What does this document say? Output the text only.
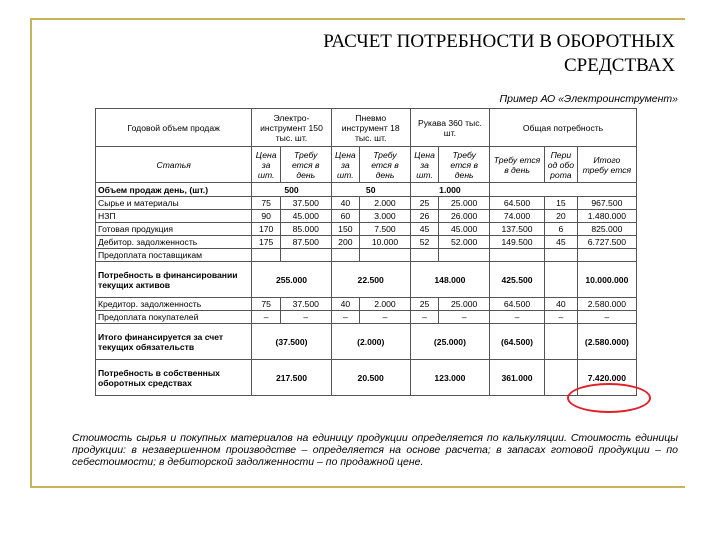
РАСЧЕТ ПОТРЕБНОСТИ В ОБОРОТНЫХ СРЕДСТВАХ
Пример АО «Электроинструмент»
Годовой объем продаж	Электро-инструмент 150 тыс. шт.		Пневмо инструмент 18 тыс. шт.		Рукава 360 тыс. шт.		Общая потребность		
Статья	Цена за шт.	Требу ется в день	Цена за шт.	Требу ется в день	Цена за шт.	Требу ется в день	Требу ется в день	Пери од обо рота	Итого требу ется
Объем продаж день, (шт.)	500		50		1.000				
Сырье и материалы	75	37.500	40	2.000	25	25.000	64.500	15	967.500
НЗП	90	45.000	60	3.000	26	26.000	74.000	20	1.480.000
Готовая продукция	170	85.000	150	7.500	45	45.000	137.500	6	825.000
Дебитор. задолженность	175	87.500	200	10.000	52	52.000	149.500	45	6.727.500
Предоплата поставщикам									
Потребность в финансировании текущих активов	255.000		22.500		148.000		425.500		10.000.000
Кредитор. задолженность	75	37.500	40	2.000	25	25.000	64.500	40	2.580.000
Предоплата покупателей	–	–	–	–	–	–	–	–	–
Итого финансируется за счет текущих обязательств	(37.500)		(2.000)		(25.000)		(64.500)		(2.580.000)
Потребность в собственных оборотных средствах	217.500		20.500		123.000		361.000		7.420.000
Стоимость сырья и покупных материалов на единицу продукции определяется по калькуляции. Стоимость единицы продукции: в незавершенном производстве – определяется на основе расчета; в запасах готовой продукции – по себестоимости; в дебиторской задолженности – по продажной цене.
